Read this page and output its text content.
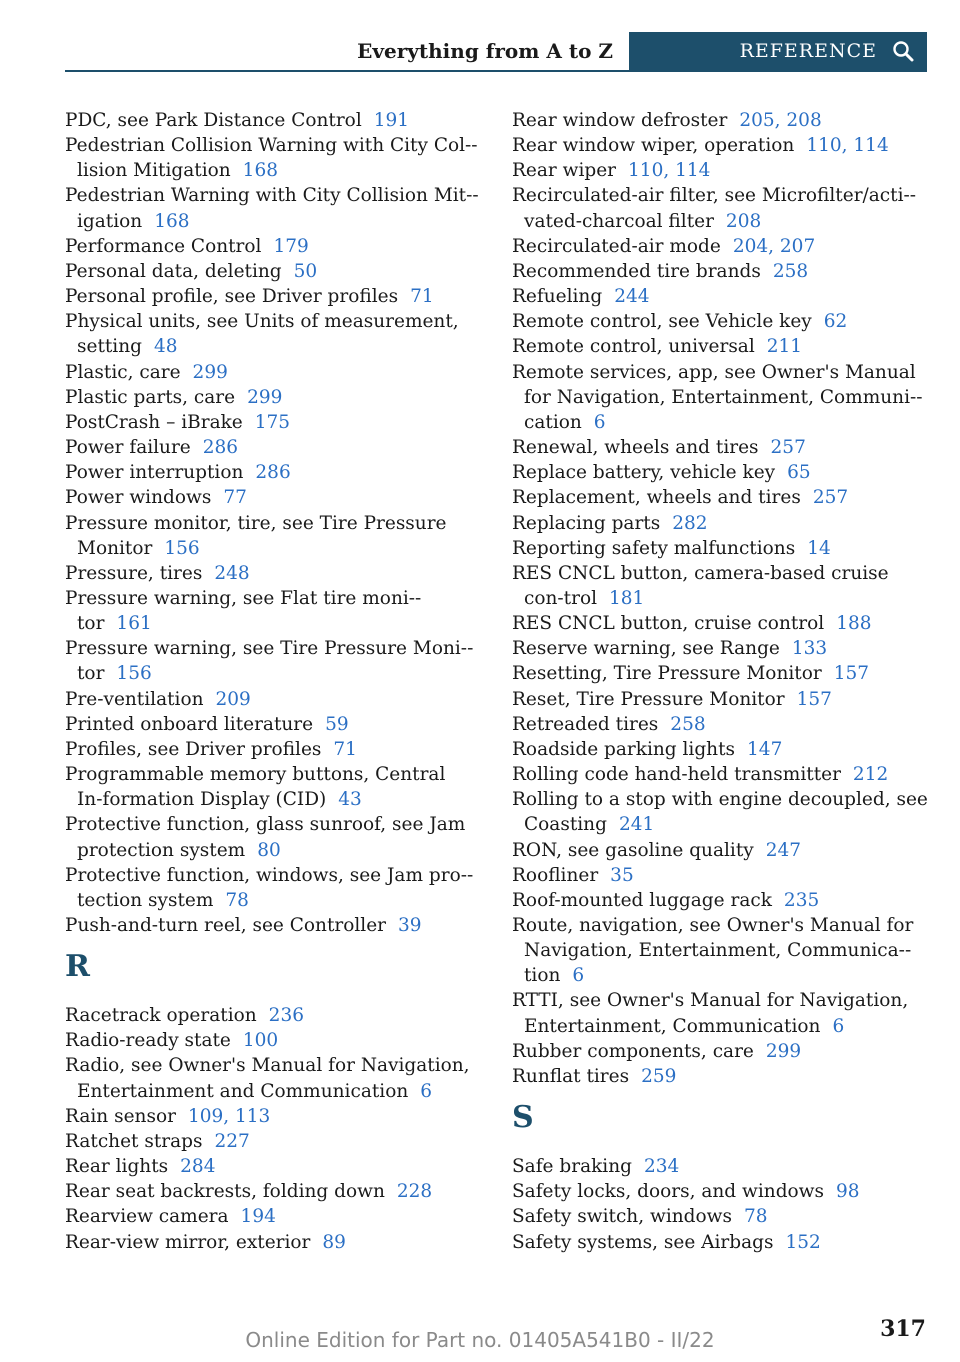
Everything from A to Z	REFERENCE
PDC, see Park Distance Control 191
Pedestrian Collision Warning with City Col-lision Mitigation 168
Pedestrian Warning with City Collision Mit-igation 168
Performance Control 179
Personal data, deleting 50
Personal profile, see Driver profiles 71
Physical units, see Units of measurement, setting 48
Plastic, care 299
Plastic parts, care 299
PostCrash – iBrake 175
Power failure 286
Power interruption 286
Power windows 77
Pressure monitor, tire, see Tire Pressure Monitor 156
Pressure, tires 248
Pressure warning, see Flat tire moni-tor 161
Pressure warning, see Tire Pressure Moni-tor 156
Pre-ventilation 209
Printed onboard literature 59
Profiles, see Driver profiles 71
Programmable memory buttons, Central In-formation Display (CID) 43
Protective function, glass sunroof, see Jam protection system 80
Protective function, windows, see Jam pro-tection system 78
Push-and-turn reel, see Controller 39
R
Racetrack operation 236
Radio-ready state 100
Radio, see Owner's Manual for Navigation, Entertainment and Communication 6
Rain sensor 109, 113
Ratchet straps 227
Rear lights 284
Rear seat backrests, folding down 228
Rearview camera 194
Rear-view mirror, exterior 89
Rear window defroster 205, 208
Rear window wiper, operation 110, 114
Rear wiper 110, 114
Recirculated-air filter, see Microfilter/acti-vated-charcoal filter 208
Recirculated-air mode 204, 207
Recommended tire brands 258
Refueling 244
Remote control, see Vehicle key 62
Remote control, universal 211
Remote services, app, see Owner's Manual for Navigation, Entertainment, Communi-cation 6
Renewal, wheels and tires 257
Replace battery, vehicle key 65
Replacement, wheels and tires 257
Replacing parts 282
Reporting safety malfunctions 14
RES CNCL button, camera-based cruise con-trol 181
RES CNCL button, cruise control 188
Reserve warning, see Range 133
Resetting, Tire Pressure Monitor 157
Reset, Tire Pressure Monitor 157
Retreaded tires 258
Roadside parking lights 147
Rolling code hand-held transmitter 212
Rolling to a stop with engine decoupled, see Coasting 241
RON, see gasoline quality 247
Roofliner 35
Roof-mounted luggage rack 235
Route, navigation, see Owner's Manual for Navigation, Entertainment, Communica-tion 6
RTTI, see Owner's Manual for Navigation, Entertainment, Communication 6
Rubber components, care 299
Runflat tires 259
S
Safe braking 234
Safety locks, doors, and windows 98
Safety switch, windows 78
Safety systems, see Airbags 152
317
Online Edition for Part no. 01405A541B0 - II/22
